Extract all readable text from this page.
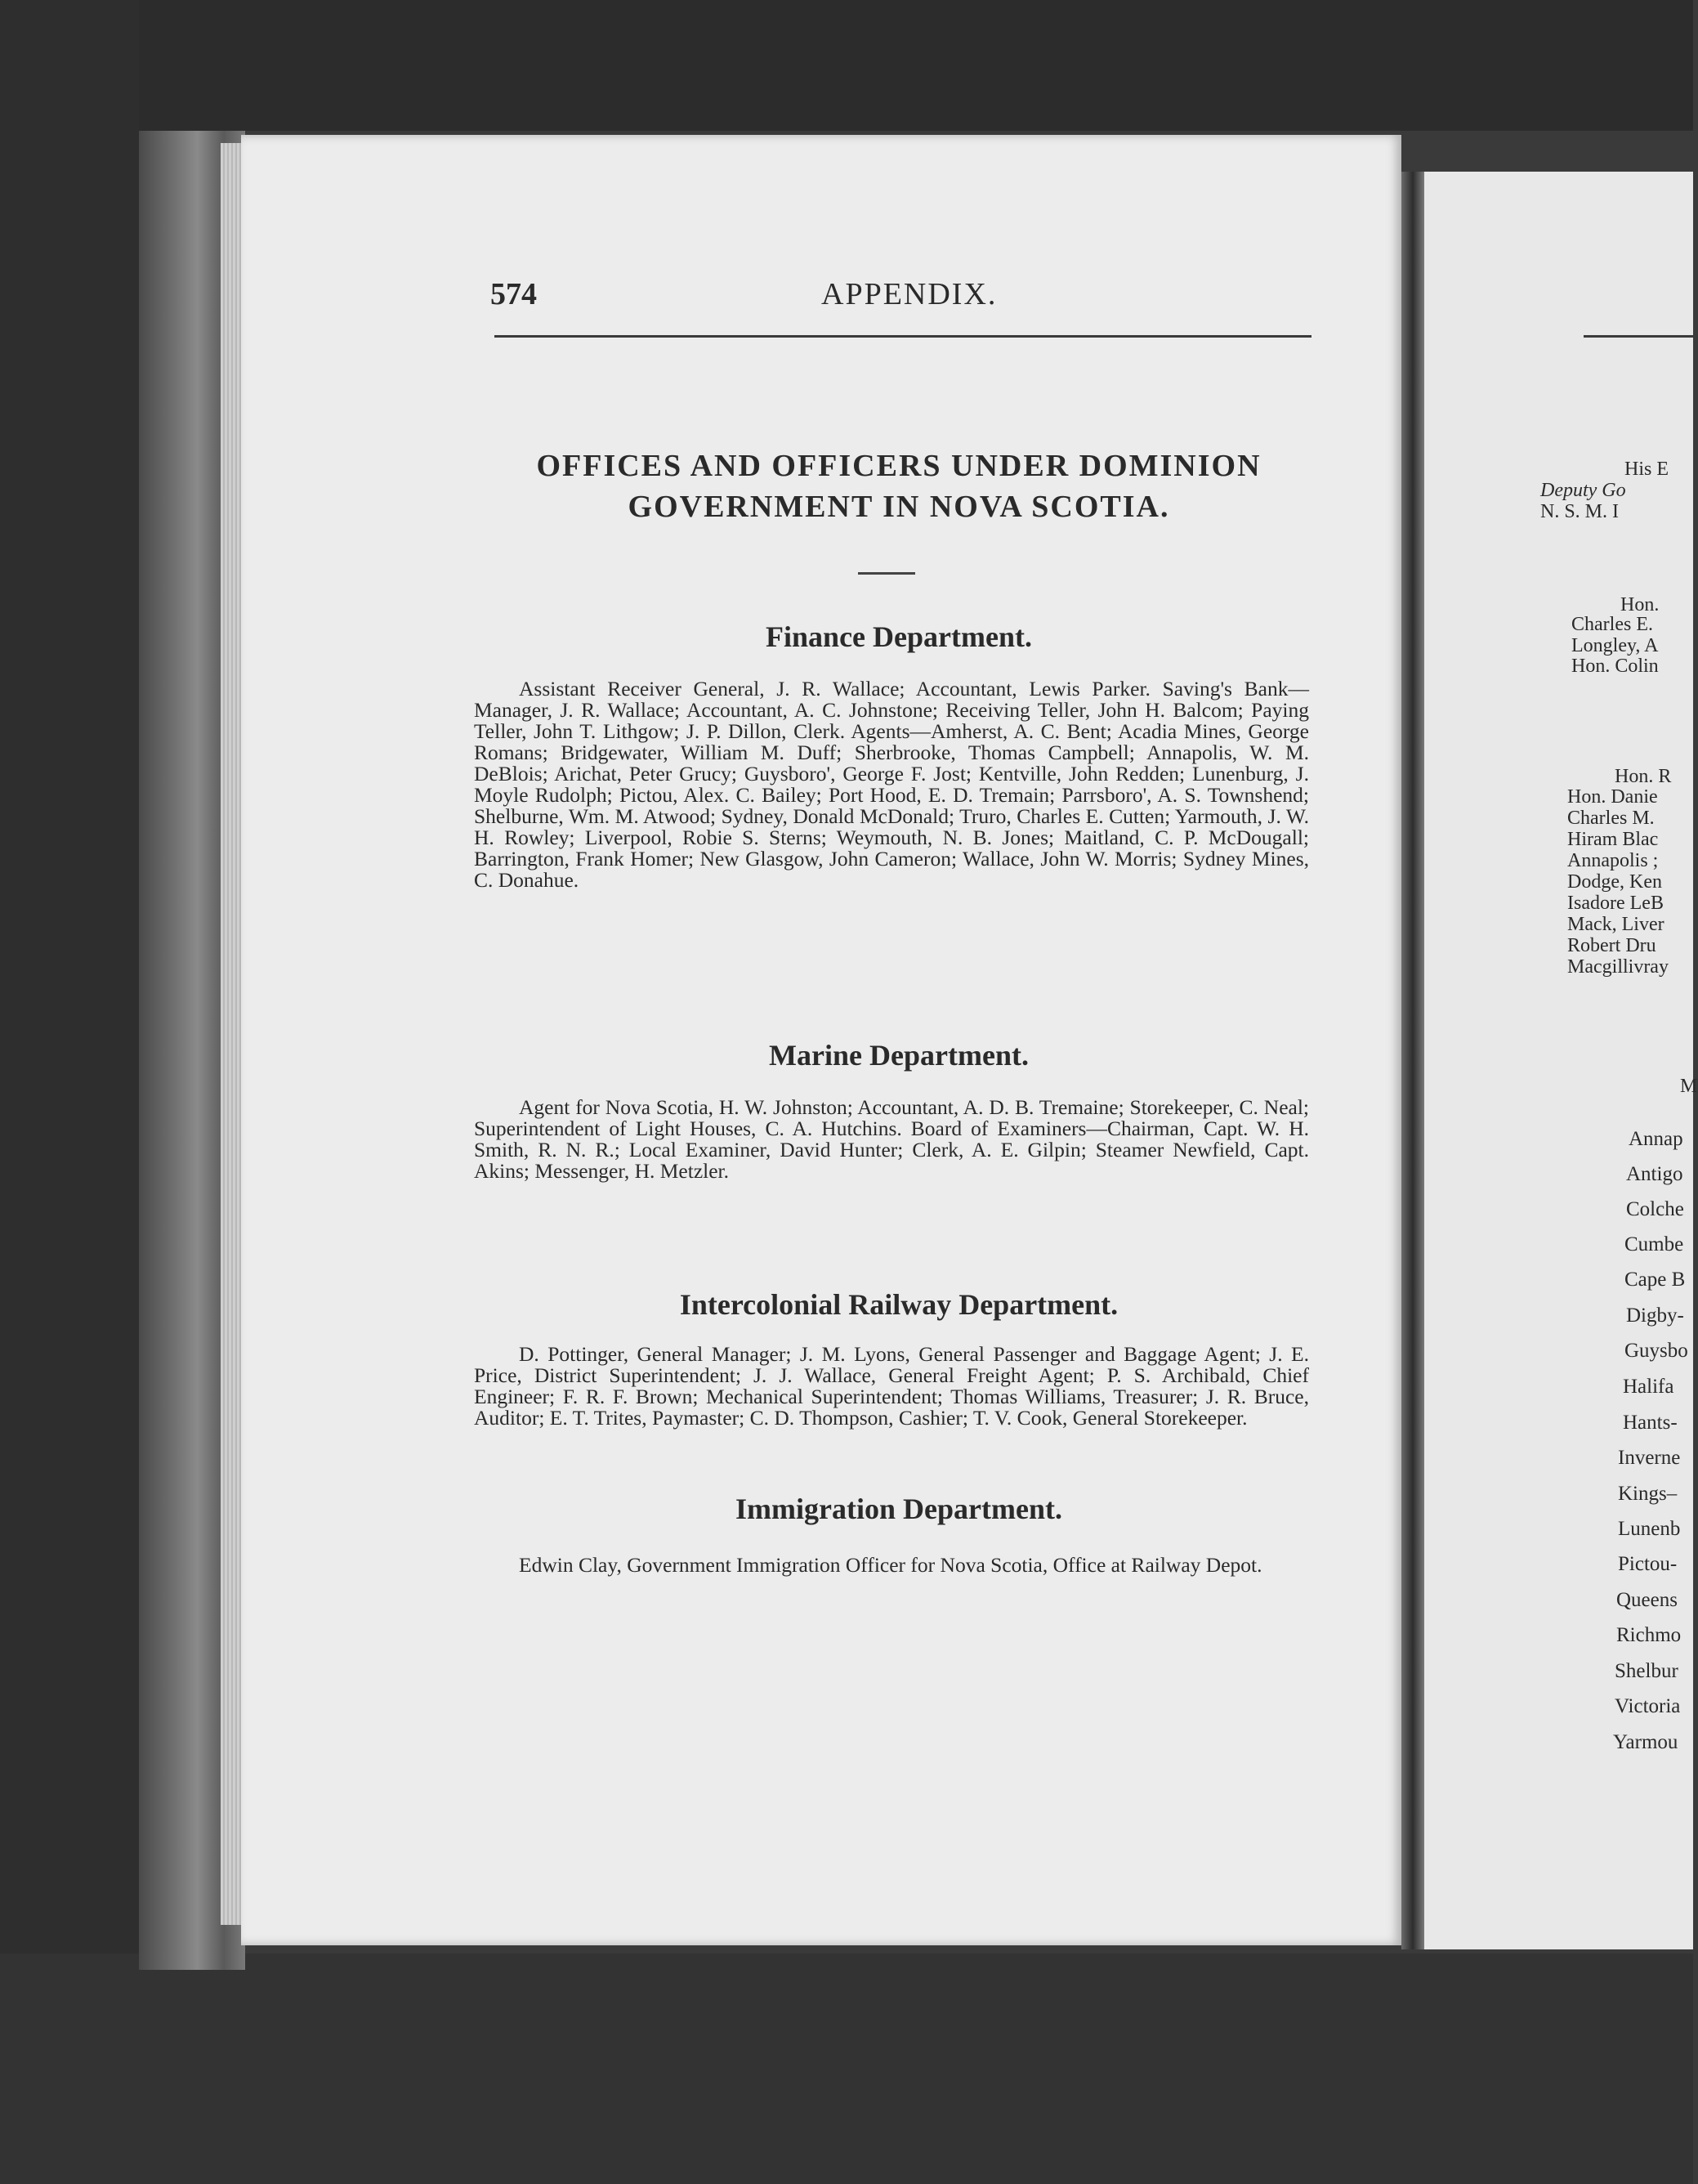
574	APPENDIX.
OFFICES AND OFFICERS UNDER DOMINION
GOVERNMENT IN NOVA SCOTIA.
Finance Department.
Assistant Receiver General, J. R. Wallace; Accountant, Lewis Parker. Saving's Bank—Manager, J. R. Wallace; Accountant, A. C. Johnstone; Receiving Teller, John H. Balcom; Paying Teller, John T. Lithgow; J. P. Dillon, Clerk. Agents—Amherst, A. C. Bent; Acadia Mines, George Romans; Bridgewater, William M. Duff; Sherbrooke, Thomas Campbell; Annapolis, W. M. DeBlois; Arichat, Peter Grucy; Guysboro', George F. Jost; Kentville, John Redden; Lunenburg, J. Moyle Rudolph; Pictou, Alex. C. Bailey; Port Hood, E. D. Tremain; Parrsboro', A. S. Townshend; Shelburne, Wm. M. Atwood; Sydney, Donald McDonald; Truro, Charles E. Cutten; Yarmouth, J. W. H. Rowley; Liverpool, Robie S. Sterns; Weymouth, N. B. Jones; Maitland, C. P. McDougall; Barrington, Frank Homer; New Glasgow, John Cameron; Wallace, John W. Morris; Sydney Mines, C. Donahue.
Marine Department.
Agent for Nova Scotia, H. W. Johnston; Accountant, A. D. B. Tremaine; Storekeeper, C. Neal; Superintendent of Light Houses, C. A. Hutchins. Board of Examiners—Chairman, Capt. W. H. Smith, R. N. R.; Local Examiner, David Hunter; Clerk, A. E. Gilpin; Steamer Newfield, Capt. Akins; Messenger, H. Metzler.
Intercolonial Railway Department.
D. Pottinger, General Manager; J. M. Lyons, General Passenger and Baggage Agent; J. E. Price, District Superintendent; J. J. Wallace, General Freight Agent; P. S. Archibald, Chief Engineer; F. R. F. Brown; Mechanical Superintendent; Thomas Williams, Treasurer; J. R. Bruce, Auditor; E. T. Trites, Paymaster; C. D. Thompson, Cashier; T. V. Cook, General Storekeeper.
Immigration Department.
Edwin Clay, Government Immigration Officer for Nova Scotia, Office at Railway Depot.
His E
Deputy Go
N. S. M. I
Hon.
Charles E.
Longley, A
Hon. Colin
Hon. R
Hon. Danie
Charles M.
Hiram Blac
Annapolis ;
Dodge, Ken
Isadore LeB
Mack, Liver
Robert Dru
Macgillivray
M
Annap
Antigo
Colche
Cumbe
Cape B
Digby-
Guysbo
Halifa
Hants-
Inverne
Kings–
Lunenb
Pictou-
Queens
Richmo
Shelbur
Victoria
Yarmou
